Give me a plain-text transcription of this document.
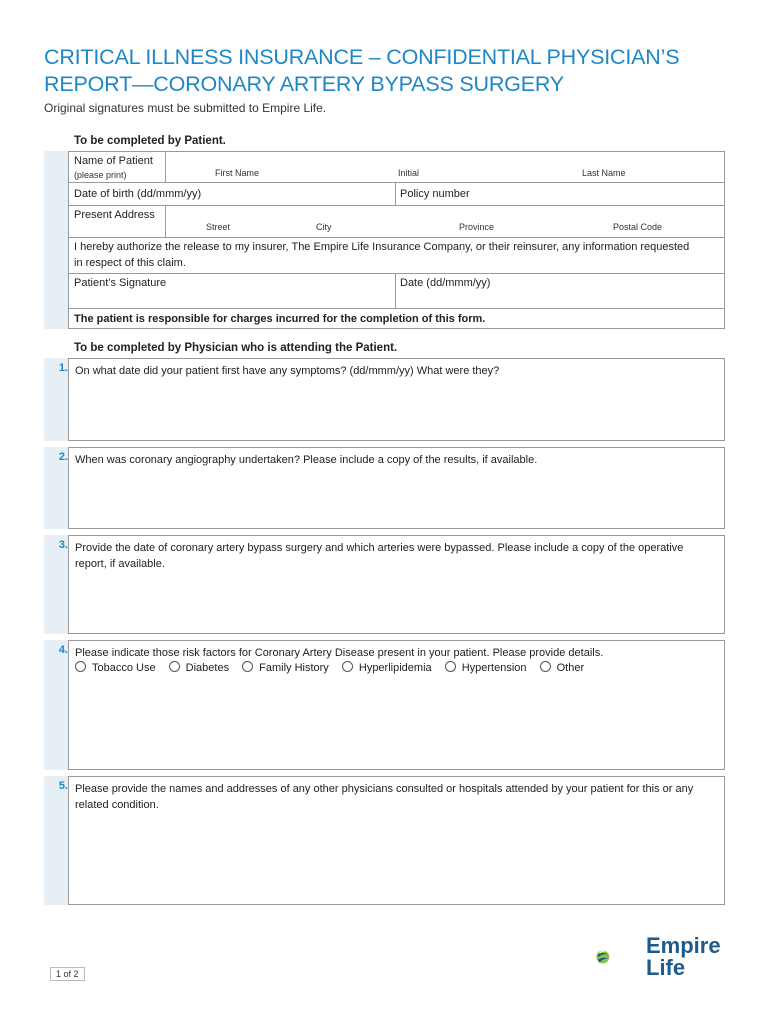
CRITICAL ILLNESS INSURANCE – CONFIDENTIAL PHYSICIAN’S REPORT—CORONARY ARTERY BYPASS SURGERY
Original signatures must be submitted to Empire Life.
To be completed by Patient.
Name of Patient
(please print)	First Name	Initial	Last Name
Date of birth (dd/mmm/yy)	Policy number
Present Address
Street	City	Province	Postal Code
I hereby authorize the release to my insurer, The Empire Life Insurance Company, or their reinsurer, any information requested in respect of this claim.
Patient’s Signature	Date (dd/mmm/yy)
The patient is responsible for charges incurred for the completion of this form.
To be completed by Physician who is attending the Patient.
1. On what date did your patient first have any symptoms? (dd/mmm/yy) What were they?
2. When was coronary angiography undertaken? Please include a copy of the results, if available.
3. Provide the date of coronary artery bypass surgery and which arteries were bypassed. Please include a copy of the operative report, if available.
4. Please indicate those risk factors for Coronary Artery Disease present in your patient. Please provide details.
Tobacco Use	Diabetes	Family History	Hyperlipidemia	Hypertension	Other
5. Please provide the names and addresses of any other physicians consulted or hospitals attended by your patient for this or any related condition.
1 of 2
Empire
Life
